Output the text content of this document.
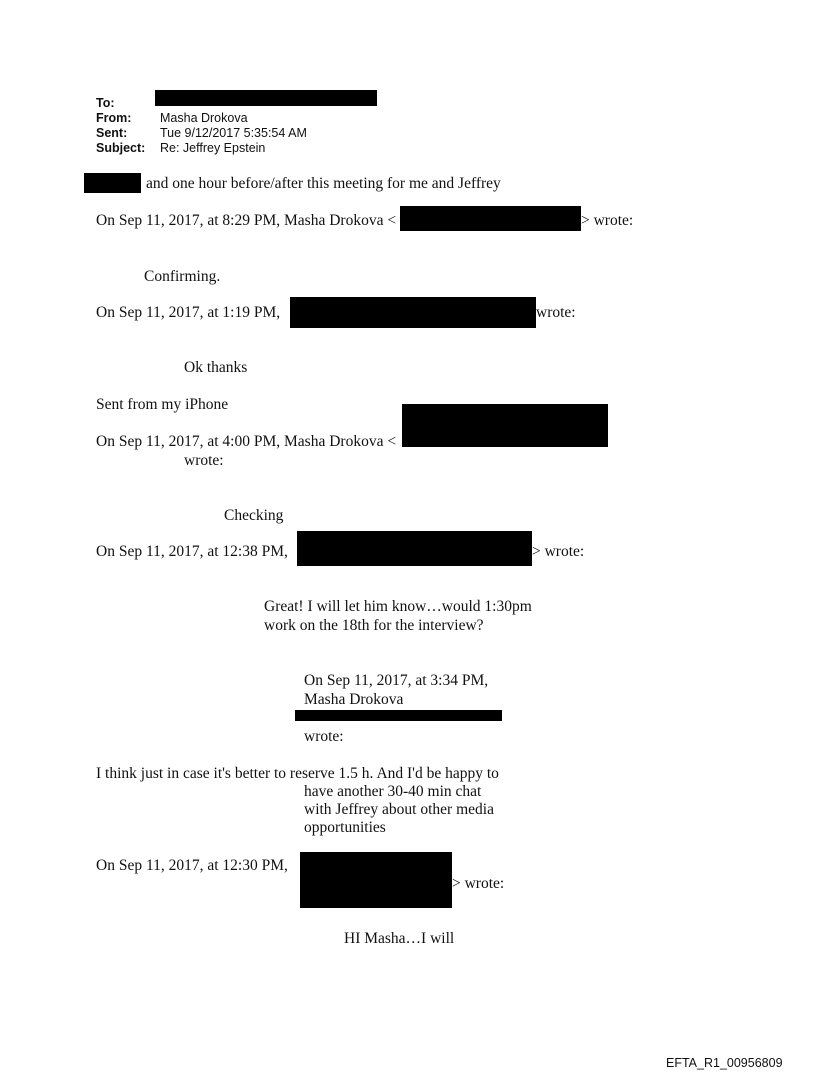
To:
From: Masha Drokova
Sent:	Tue 9/12/2017 5:35:54 AM
Subject: Re: Jeffrey Epstein
and one hour before/after this meeting for me and Jeffrey
On Sep 11, 2017, at 8:29 PM, Masha Drokova <	> wrote:
Confirming.
On Sep 11, 2017, at 1:19 PM,	wrote:
Ok thanks
Sent from my iPhone
On Sep 11, 2017, at 4:00 PM, Masha Drokova <
wrote:
Checking
On Sep 11, 2017, at 12:38 PM,	> wrote:
Great! I will let him know…would 1:30pm
work on the 18th for the interview?
On Sep 11, 2017, at 3:34 PM,
Masha Drokova
wrote:
I think just in case it's better to reserve 1.5 h. And I'd be happy to
have another 30-40 min chat
with Jeffrey about other media
opportunities
On Sep 11, 2017, at 12:30 PM,
> wrote:
HI Masha…I will
EFTA_R1_00956809
